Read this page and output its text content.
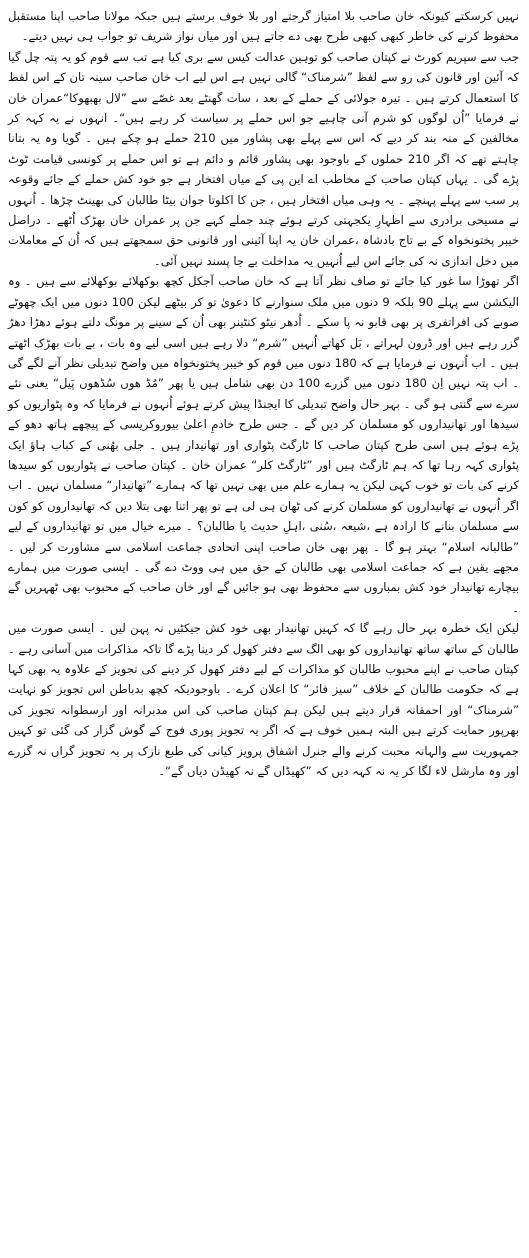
نہیں کرسکتے کیونکہ خان صاحب بلا امتیاز گرجتے اور بلا خوف برستے ہیں جبکہ مولانا صاحب اپنا مستقبل محفوظ کرنے کی خاطر کبھی کبھی طرح بھی دے جاتے ہیں اور میاں نواز شریف تو جواب ہی نہیں دیتے۔

جب سے سپریم کورٹ نے کپتان صاحب کو توہین عدالت کیس سے بری کیا ہے تب سے قوم کو یہ پتہ چل گیا کہ آئین اور قانون کی رو سے لفظ ”شرمناک“ گالی نہیں ہے اس لیے اب خان صاحب سینہ تان کے اس لفظ کا استعمال کرتے ہیں ۔ تیرہ جولائی کے حملے کے بعد ، سات گھنٹے بعد غصّے سے ”لال بھبھوکا“عمران خان نے فرمایا ”اُن لوگوں کو شرم آنی چاہیے جو اس حملے پر سیاست کر رہے ہیں“۔ انہوں نے یہ کہہ کر مخالفین کے منہ بند کر دیے کہ اس سے پہلے بھی پشاور میں 210 حملے ہو چکے ہیں ۔ گویا وہ یہ بتانا چاہتے تھے کہ اگر 210 حملوں کے باوجود بھی پشاور قائم و دائم ہے تو اس حملے پر کونسی قیامت ٹوٹ پڑے گی ۔ یہاں کپتان صاحب کے مخاطب اے این پی کے میاں افتخار ہے جو خود کش حملے کے جائے وقوعہ پر سب سے پہلے پہنچے ۔ یہ وہی میاں افتخار ہیں ، جن کا اکلوتا جوان بیٹا طالبان کی بھینٹ چڑھا ۔ اُنہوں نے مسیحی برادری سے اظہارِ یکجہتی کرتے ہوئے چند جملے کہے جن پر عمران خان بھڑک اُٹھے ۔ دراصل خیبر پختونخواہ کے بے تاج بادشاہ ،عمران خان یہ اپنا آئینی اور قانونی حق سمجھتے ہیں کہ اُن کے معاملات میں دخل اندازی نہ کی جائے اس لیے اُنہیں یہ مداخلت بے جا پسند نہیں آئی۔

اگر تھوڑا سا غور کیا جائے تو صاف نظر آتا ہے کہ خان صاحب آجکل کچھ بوکھلائے بوکھلائے سے ہیں ۔ وہ الیکشن سے پہلے 90 بلکہ 9 دنوں میں ملک سنوارنے کا دعویٰ تو کر بیٹھے لیکن 100 دنوں میں ایک چھوٹے صوبے کی افراتفری پر بھی قابو نہ پا سکے ۔ اُدھر نیٹو کنٹینر بھی اُن کے سینے پر مونگ دلتے ہوئے دھڑا دھڑ گزر رہے ہیں اور ڈرون لہراتے ، بَل کھاتے اُنہیں ”شرم“ دلا رہے ہیں اسی لیے وہ بات ، بے بات بھڑک اٹھتے ہیں ۔ اب اُنہوں نے فرمایا ہے کہ 180 دنوں میں قوم کو خیبر پختونخواہ میں واضح تبدیلی نظر آنے لگے گی ۔ اب پتہ نہیں اِن 180 دنوں میں گزرے 100 دن بھی شامل ہیں یا پھر ”مُڈ ھوں سُڈھوں پَیل“ یعنی نئے سرے سے گنتی ہو گی ۔ بہر حال واضح تبدیلی کا ایجنڈا پیش کرتے ہوئے اُنہوں نے فرمایا کہ وہ پٹواریوں کو سیدھا اور تھانیداروں کو مسلمان کر دیں گے ۔ جس طرح خادمِ اعلیٰ بیوروکریسی کے پیچھے ہاتھ دھو کے پڑے ہوئے ہیں اسی طرح کپتان صاحب کا ٹارگٹ پٹواری اور تھانیدار ہیں ۔ جلی بھُنی کے کباب ہاؤ ایک پٹواری کہہ رہا تھا کہ ہم ٹارگٹ ہیں اور ”ٹارگٹ کلر“ عمران خان ۔ کپتان صاحب نے پٹواریوں کو سیدھا کرنے کی بات تو خوب کہی لیکن یہ ہمارے علم میں بھی نہیں تھا کہ ہمارے ”تھانیدار“ مسلمان نہیں ۔ اب اگر اُنہوں نے تھانیداروں کو مسلمان کرنے کی ٹھان ہی لی ہے تو پھر اتنا بھی بتلا دیں کہ تھانیداروں کو کون سے مسلمان بنانے کا ارادہ ہے ،شیعہ ،سُنی ،اہلِ حدیث یا طالبان؟ ۔ میرے خیال میں تو تھانیداروں کے لیے ”طالبانہ اسلام“ بہتر ہو گا ۔ پھر بھی خان صاحب اپنی اتحادی جماعت اسلامی سے مشاورت کر لیں ۔ مجھے یقین ہے کہ جماعت اسلامی بھی طالبان کے حق میں ہی ووٹ دے گی ۔ ایسی صورت میں ہمارے بیچارے تھانیدار خود کش بمباروں سے محفوظ بھی ہو جائیں گے اور خان صاحب کے محبوب بھی ٹھہریں گے ۔

لیکن ایک خطرہ بہر حال رہے گا کہ کہیں تھانیدار بھی خود کش جیکٹیں نہ پہن لیں ۔ ایسی صورت میں طالبان کے ساتھ ساتھ تھانیداروں کو بھی الگ سے دفتر کھول کر دینا پڑے گا تاکہ مذاکرات میں آسانی رہے ۔ کپتان صاحب نے اپنے محبوب طالبان کو مذاکرات کے لیے دفتر کھول کر دینے کی تجویز کے علاوہ یہ بھی کہا ہے کہ حکومت طالبان کے خلاف ”سیز فائر“ کا اعلان کرے ۔ باوجودیکہ کچھ بدباطن اس تجویز کو نہایت ”شرمناک“ اور احمقانہ قرار دیتے ہیں لیکن ہم کپتان صاحب کی اس مدبرانہ اور ارسطوانہ تجویز کی بھرپور حمایت کرتے ہیں البتہ ہمیں خوف ہے کہ اگر یہ تجویز پوری فوج کے گوش گزار کی گئی تو کہیں جمہوریت سے والہانہ محبت کرنے والے جنرل اشفاق پرویز کیانی کی طبع نازک پر یہ تجویز گراں نہ گزرے اور وہ مارشل لاء لگا کر یہ نہ کہہ دیں کہ ”کھیڈاں گے نہ کھیڈن دیاں گے“۔
